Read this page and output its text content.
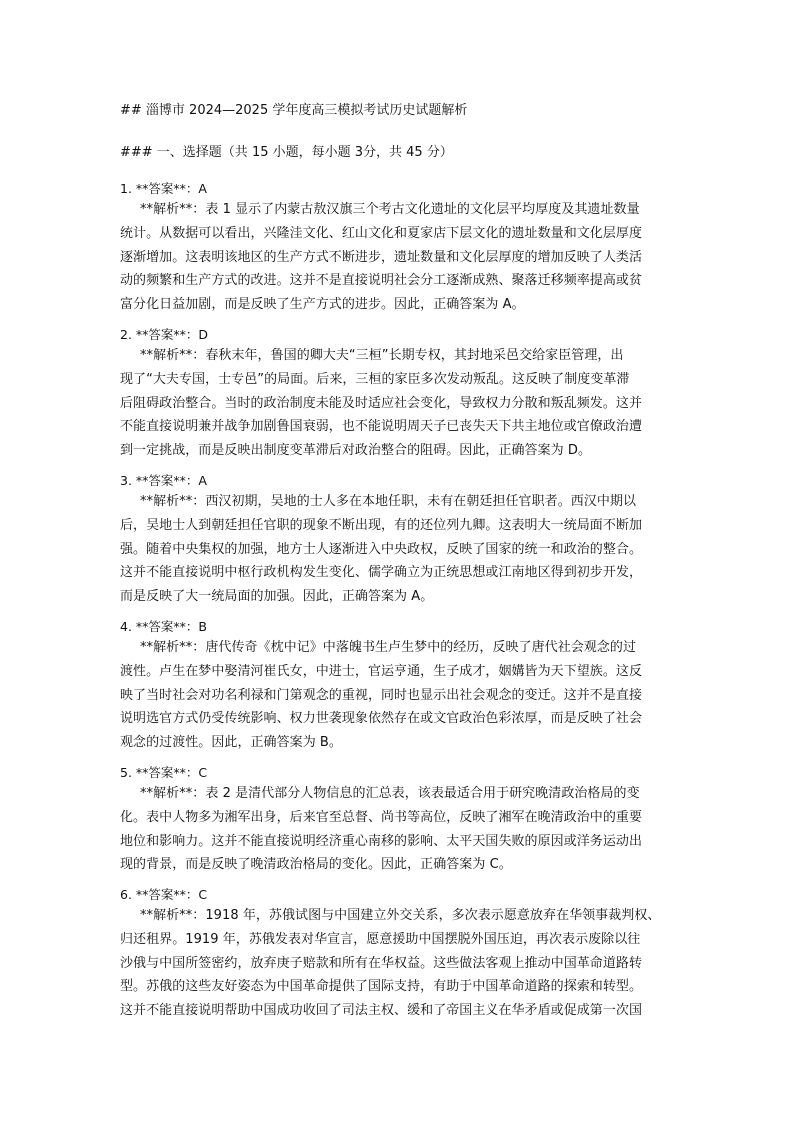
## 淄博市 2024—2025 学年度高三模拟考试历史试题解析
### 一、选择题（共 15 小题，每小题 3分，共 45 分）
1. **答案**：A
**解析**：表 1 显示了内蒙古敖汉旗三个考古文化遗址的文化层平均厚度及其遗址数量
统计。从数据可以看出，兴隆洼文化、红山文化和夏家店下层文化的遗址数量和文化层厚度
逐渐增加。这表明该地区的生产方式不断进步，遗址数量和文化层厚度的增加反映了人类活
动的频繁和生产方式的改进。这并不是直接说明社会分工逐渐成熟、聚落迁移频率提高或贫
富分化日益加剧，而是反映了生产方式的进步。因此，正确答案为 A。
2. **答案**：D
**解析**：春秋末年，鲁国的卿大夫“三桓”长期专权，其封地采邑交给家臣管理，出
现了“大夫专国，士专邑”的局面。后来，三桓的家臣多次发动叛乱。这反映了制度变革滞
后阻碍政治整合。当时的政治制度未能及时适应社会变化，导致权力分散和叛乱频发。这并
不能直接说明兼并战争加剧鲁国衰弱，也不能说明周天子已丧失天下共主地位或官僚政治遭
到一定挑战，而是反映出制度变革滞后对政治整合的阻碍。因此，正确答案为 D。
3. **答案**：A
**解析**：西汉初期，吴地的士人多在本地任职，未有在朝廷担任官职者。西汉中期以
后，吴地士人到朝廷担任官职的现象不断出现，有的还位列九卿。这表明大一统局面不断加
强。随着中央集权的加强，地方士人逐渐进入中央政权，反映了国家的统一和政治的整合。
这并不能直接说明中枢行政机构发生变化、儒学确立为正统思想或江南地区得到初步开发，
而是反映了大一统局面的加强。因此，正确答案为 A。
4. **答案**：B
**解析**：唐代传奇《枕中记》中落魄书生卢生梦中的经历，反映了唐代社会观念的过
渡性。卢生在梦中娶清河崔氏女，中进士，官运亨通，生子成才，姻媾皆为天下望族。这反
映了当时社会对功名利禄和门第观念的重视，同时也显示出社会观念的变迁。这并不是直接
说明选官方式仍受传统影响、权力世袭现象依然存在或文官政治色彩浓厚，而是反映了社会
观念的过渡性。因此，正确答案为 B。
5. **答案**：C
**解析**：表 2 是清代部分人物信息的汇总表，该表最适合用于研究晚清政治格局的变
化。表中人物多为湘军出身，后来官至总督、尚书等高位，反映了湘军在晚清政治中的重要
地位和影响力。这并不能直接说明经济重心南移的影响、太平天国失败的原因或洋务运动出
现的背景，而是反映了晚清政治格局的变化。因此，正确答案为 C。
6. **答案**：C
**解析**：1918 年，苏俄试图与中国建立外交关系，多次表示愿意放弃在华领事裁判权、
归还租界。1919 年，苏俄发表对华宣言，愿意援助中国摆脱外国压迫，再次表示废除以往
沙俄与中国所签密约，放弃庚子赔款和所有在华权益。这些做法客观上推动中国革命道路转
型。苏俄的这些友好姿态为中国革命提供了国际支持，有助于中国革命道路的探索和转型。
这并不能直接说明帮助中国成功收回了司法主权、缓和了帝国主义在华矛盾或促成第一次国
